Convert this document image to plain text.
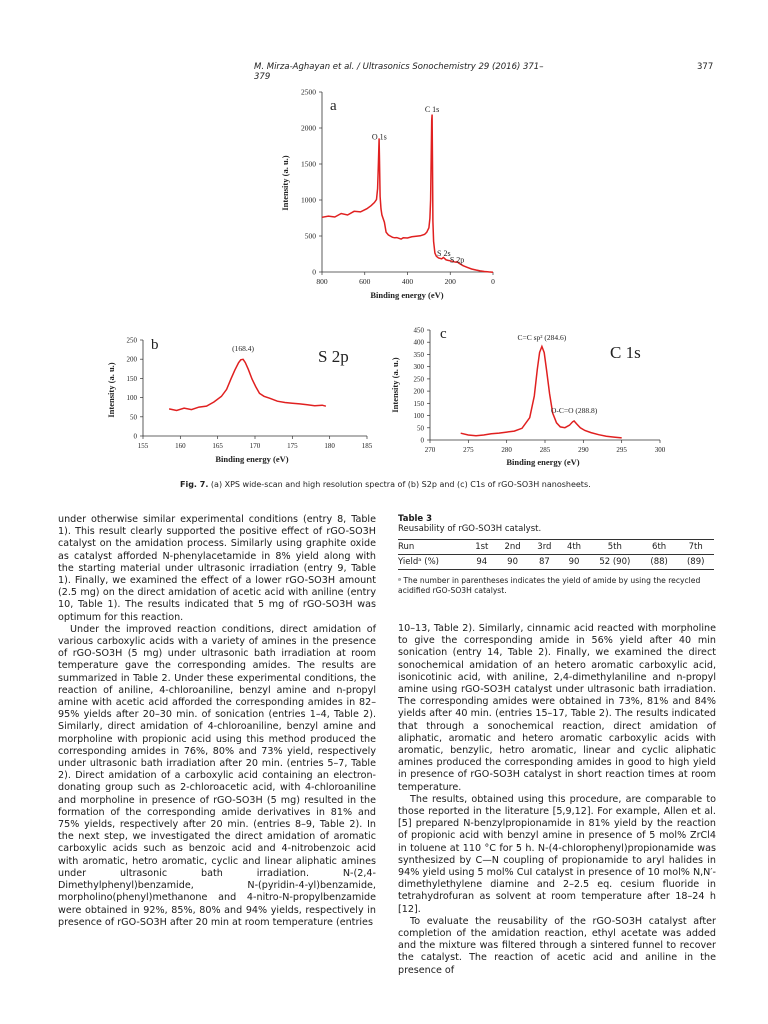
M. Mirza-Aghayan et al. / Ultrasonics Sonochemistry 29 (2016) 371–379
377
800	600	400	200	0
0
500
1000
1500
2000
2500
O 1s
C 1s
S 2s
S 2p
a
Binding energy (eV)
Intensity (a. u.)
155	160	165	170	175	180	185
0
50
100
150
200
250
(168.4)
b
S 2p
Binding energy (eV)
Intensity (a. u.)
270	275	280	285	290	295	300
0
50
100
150
200
250
300
350
400
450
C=C sp² (284.6)
O-C=O (288.8)
c
C 1s
Binding energy (eV)
Intensity (a. u.)
Fig. 7. (a) XPS wide-scan and high resolution spectra of (b) S2p and (c) C1s of rGO-SO3H nanosheets.

under otherwise similar experimental conditions (entry 8, Table 1). This result clearly supported the positive effect of rGO-SO3H catalyst on the amidation process. Similarly using graphite oxide as catalyst afforded N-phenylacetamide in 8% yield along with the starting material under ultrasonic irradiation (entry 9, Table 1). Finally, we examined the effect of a lower rGO-SO3H amount (2.5 mg) on the direct amidation of acetic acid with aniline (entry 10, Table 1). The results indicated that 5 mg of rGO-SO3H was optimum for this reaction.

Under the improved reaction conditions, direct amidation of various carboxylic acids with a variety of amines in the presence of rGO-SO3H (5 mg) under ultrasonic bath irradiation at room temperature gave the corresponding amides. The results are summarized in Table 2. Under these experimental conditions, the reaction of aniline, 4-chloroaniline, benzyl amine and n-propyl amine with acetic acid afforded the corresponding amides in 82–95% yields after 20–30 min. of sonication (entries 1–4, Table 2). Similarly, direct amidation of 4-chloroaniline, benzyl amine and morpholine with propionic acid using this method produced the corresponding amides in 76%, 80% and 73% yield, respectively under ultrasonic bath irradiation after 20 min. (entries 5–7, Table 2). Direct amidation of a carboxylic acid containing an electron-donating group such as 2-chloroacetic acid, with 4-chloroaniline and morpholine in presence of rGO-SO3H (5 mg) resulted in the formation of the corresponding amide derivatives in 81% and 75% yields, respectively after 20 min. (entries 8–9, Table 2). In the next step, we investigated the direct amidation of aromatic carboxylic acids such as benzoic acid and 4-nitrobenzoic acid with aromatic, hetro aromatic, cyclic and linear aliphatic amines under ultrasonic bath irradiation. N-(2,4-Dimethylphenyl)benzamide, N-(pyridin-4-yl)benzamide, morpholino(phenyl)methanone and 4-nitro-N-propylbenzamide were obtained in 92%, 85%, 80% and 94% yields, respectively in presence of rGO-SO3H after 20 min at room temperature (entries

Table 3
Reusability of rGO-SO3H catalyst.
Run	1st	2nd	3rd	4th	5th	6th	7th
Yieldᵃ (%)	94	90	87	90	52 (90)	(88)	(89)
ᵃ The number in parentheses indicates the yield of amide by using the recycled acidified rGO-SO3H catalyst.

10–13, Table 2). Similarly, cinnamic acid reacted with morpholine to give the corresponding amide in 56% yield after 40 min sonication (entry 14, Table 2). Finally, we examined the direct sonochemical amidation of an hetero aromatic carboxylic acid, isonicotinic acid, with aniline, 2,4-dimethylaniline and n-propyl amine using rGO-SO3H catalyst under ultrasonic bath irradiation. The corresponding amides were obtained in 73%, 81% and 84% yields after 40 min. (entries 15–17, Table 2). The results indicated that through a sonochemical reaction, direct amidation of aliphatic, aromatic and hetero aromatic carboxylic acids with aromatic, benzylic, hetro aromatic, linear and cyclic aliphatic amines produced the corresponding amides in good to high yield in presence of rGO-SO3H catalyst in short reaction times at room temperature.

The results, obtained using this procedure, are comparable to those reported in the literature [5,9,12]. For example, Allen et al. [5] prepared N-benzylpropionamide in 81% yield by the reaction of propionic acid with benzyl amine in presence of 5 mol% ZrCl4 in toluene at 110 °C for 5 h. N-(4-chlorophenyl)propionamide was synthesized by C—N coupling of propionamide to aryl halides in 94% yield using 5 mol% CuI catalyst in presence of 10 mol% N,N′-dimethylethylene diamine and 2–2.5 eq. cesium fluoride in tetrahydrofuran as solvent at room temperature after 18–24 h [12].

To evaluate the reusability of the rGO-SO3H catalyst after completion of the amidation reaction, ethyl acetate was added and the mixture was filtered through a sintered funnel to recover the catalyst. The reaction of acetic acid and aniline in the presence of
